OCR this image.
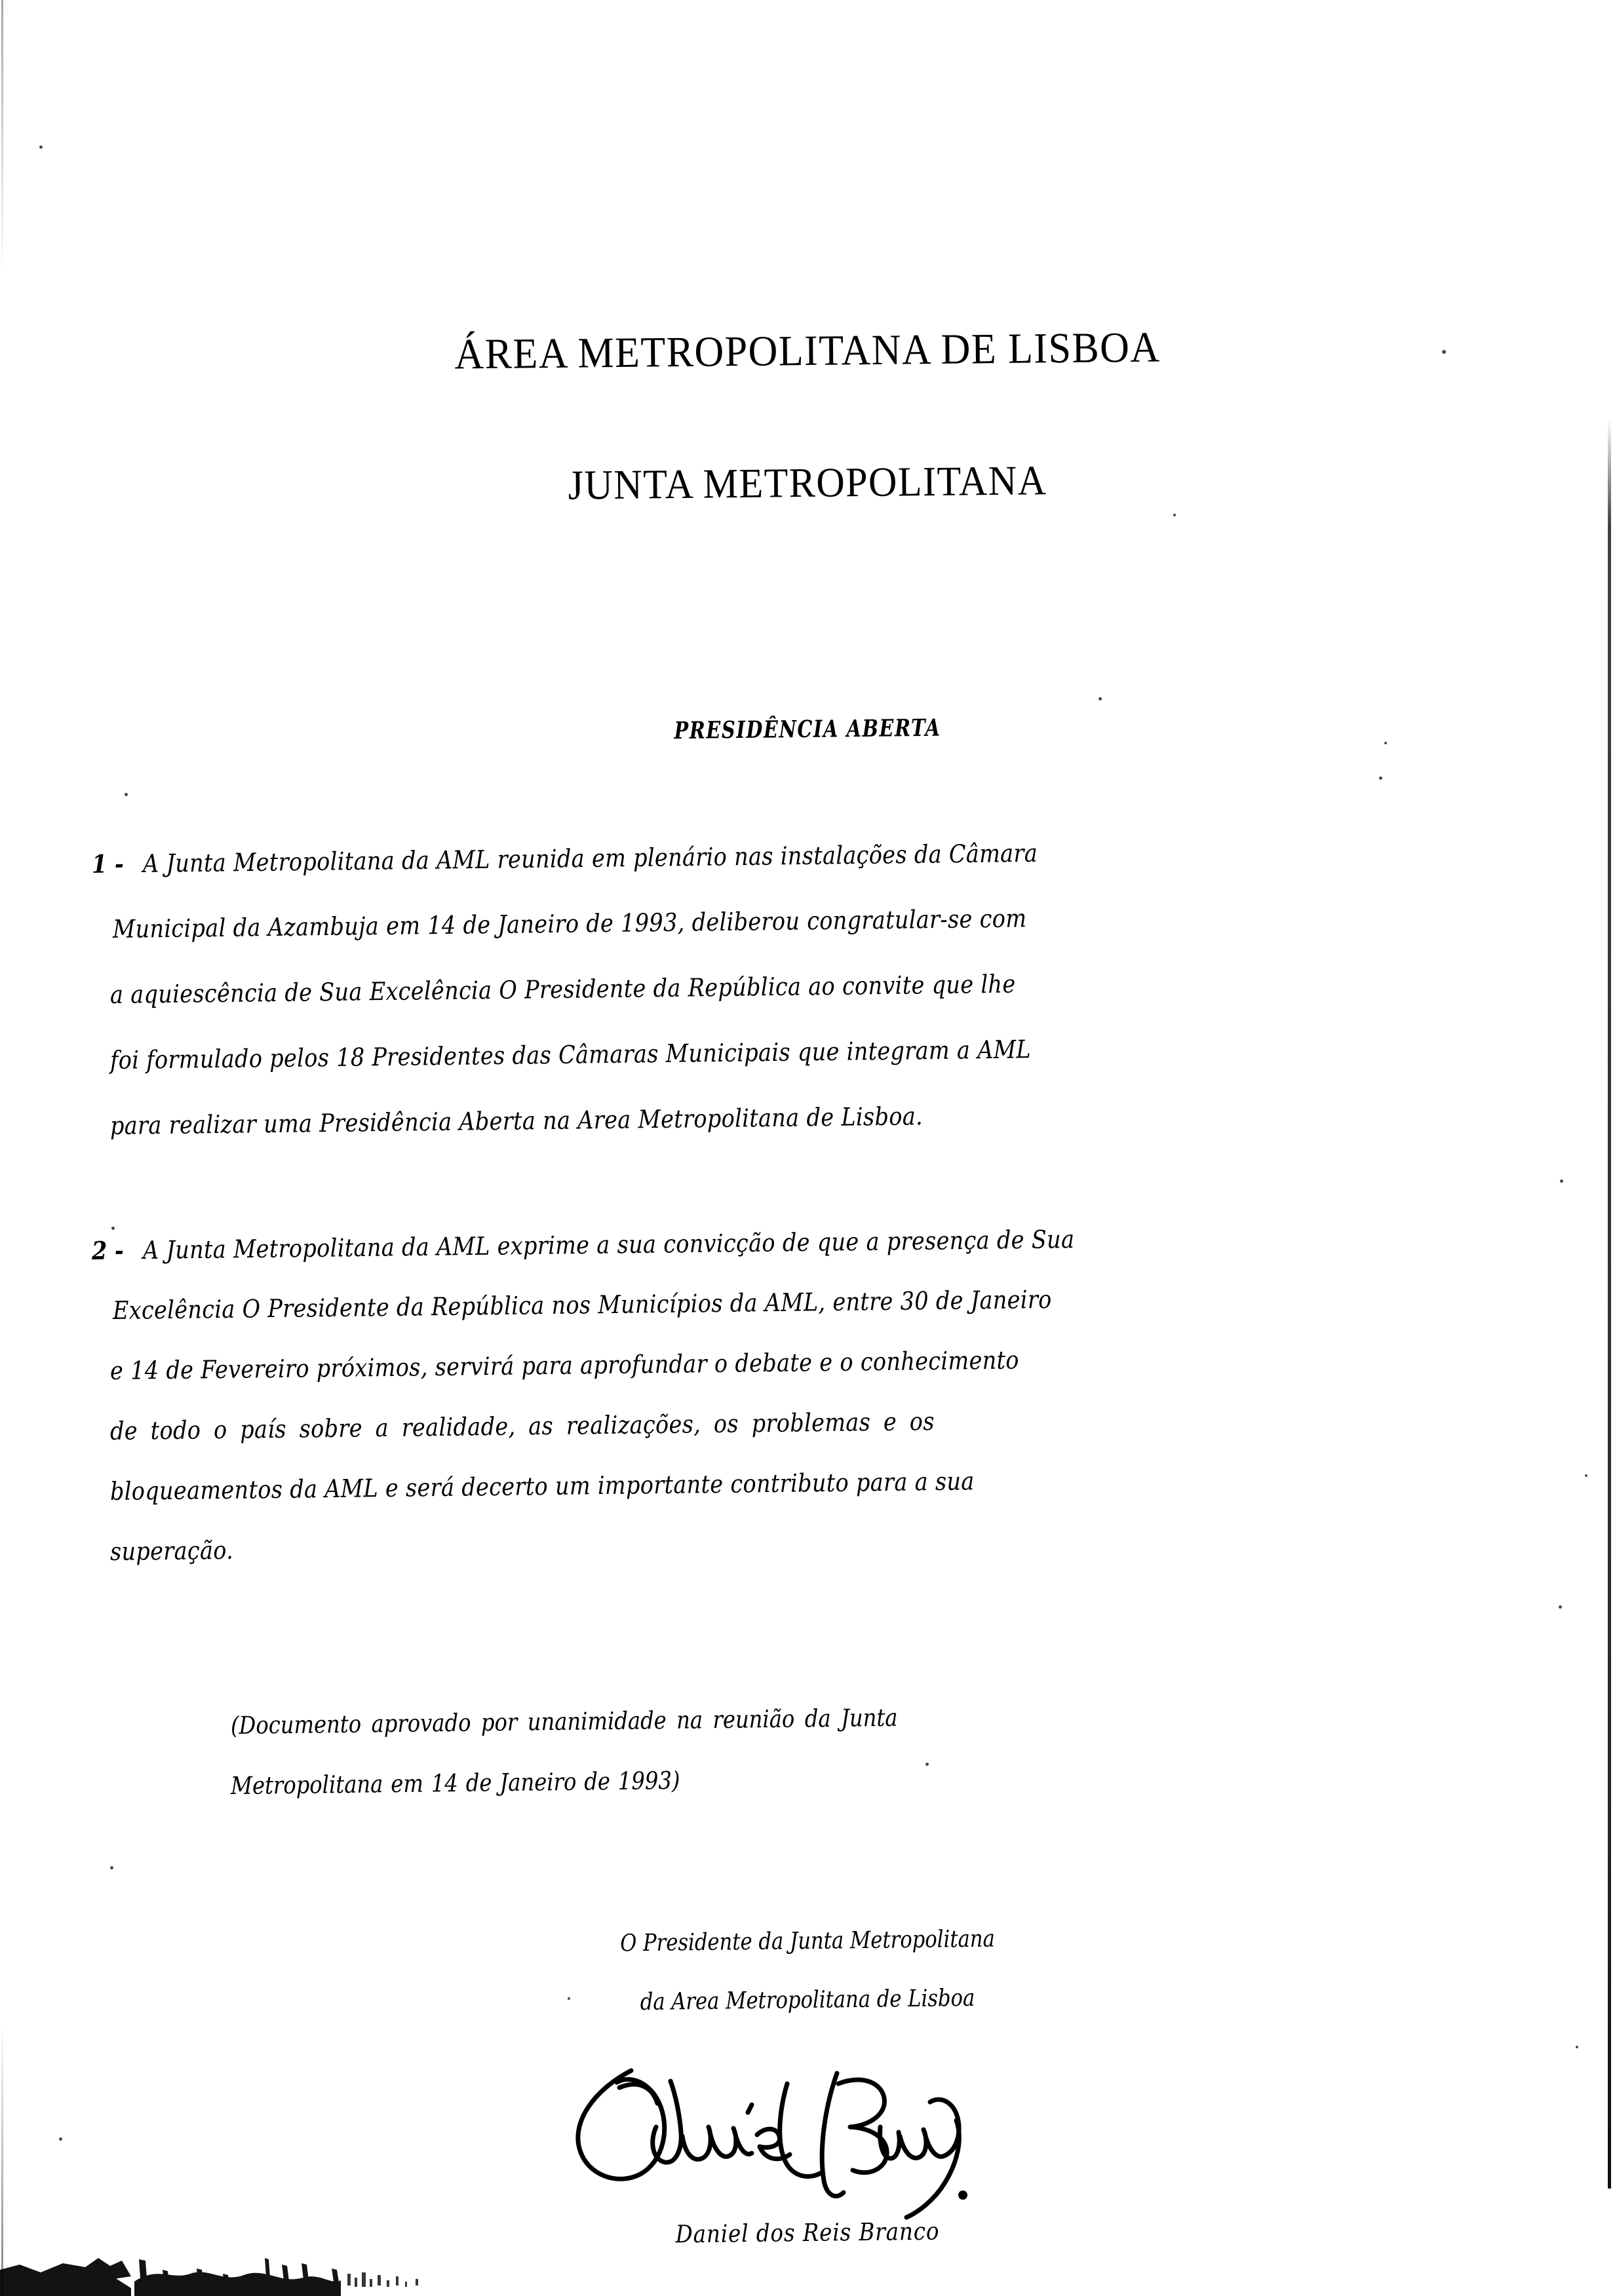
ÁREA METROPOLITANA DE LISBOA
JUNTA METROPOLITANA
PRESIDÊNCIA ABERTA
1 - A Junta Metropolitana da AML reunida em plenário nas instalações da Câmara
Municipal da Azambuja em 14 de Janeiro de 1993, deliberou congratular-se com
a aquiescência de Sua Excelência O Presidente da República ao convite que lhe
foi formulado pelos 18 Presidentes das Câmaras Municipais que integram a AML
para realizar uma Presidência Aberta na Area Metropolitana de Lisboa.
2 - A Junta Metropolitana da AML exprime a sua convicção de que a presença de Sua
Excelência O Presidente da República nos Municípios da AML, entre 30 de Janeiro
e 14 de Fevereiro próximos, servirá para aprofundar o debate e o conhecimento
de todo o país sobre a realidade, as realizações, os problemas e os
bloqueamentos da AML e será decerto um importante contributo para a sua
superação.
(Documento aprovado por unanimidade na reunião da Junta
Metropolitana em 14 de Janeiro de 1993)
O Presidente da Junta Metropolitana
da Area Metropolitana de Lisboa
Daniel dos Reis Branco
